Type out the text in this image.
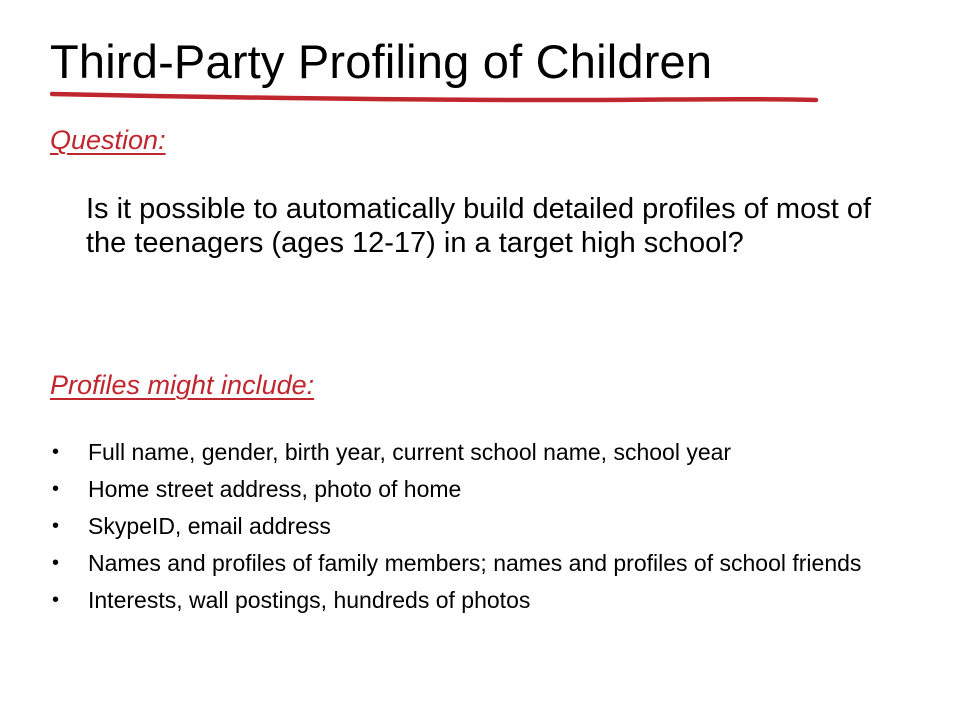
Third-Party Profiling of Children
Question:

Is it possible to automatically build detailed profiles of most of the teenagers (ages 12-17) in a target high school?

Profiles might include:
• Full name, gender, birth year, current school name, school year
• Home street address, photo of home
• SkypeID, email address
• Names and profiles of family members; names and profiles of school friends
• Interests, wall postings, hundreds of photos
